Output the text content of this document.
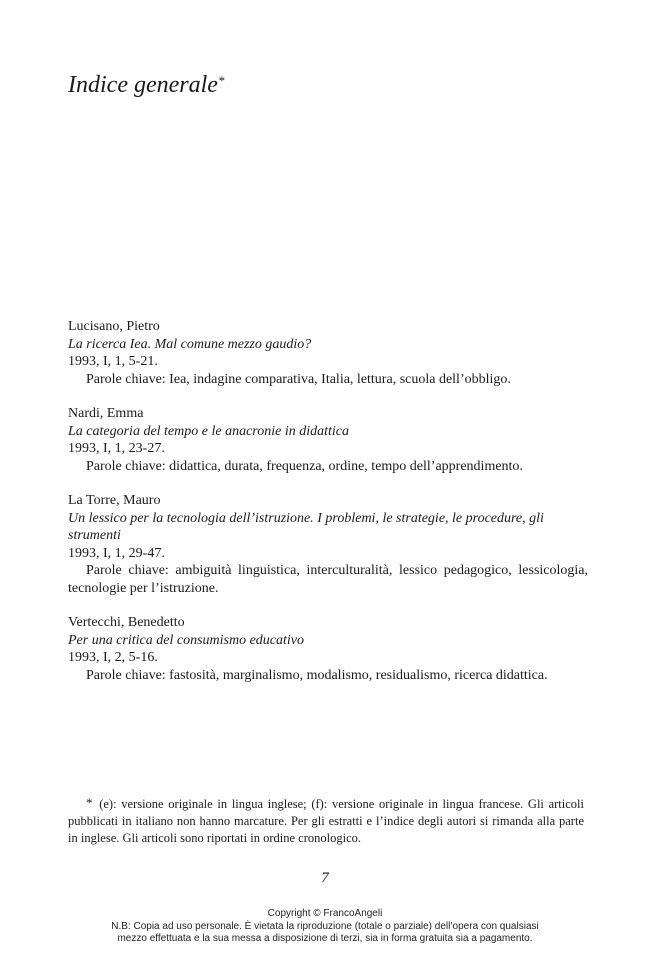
Indice generale*
Lucisano, Pietro
La ricerca Iea. Mal comune mezzo gaudio?
1993, I, 1, 5-21.
Parole chiave: Iea, indagine comparativa, Italia, lettura, scuola dell’obbligo.
Nardi, Emma
La categoria del tempo e le anacronie in didattica
1993, I, 1, 23-27.
Parole chiave: didattica, durata, frequenza, ordine, tempo dell’apprendimento.
La Torre, Mauro
Un lessico per la tecnologia dell’istruzione. I problemi, le strategie, le procedure, gli strumenti
1993, I, 1, 29-47.
Parole chiave: ambiguità linguistica, interculturalità, lessico pedagogico, lessicologia, tecnologie per l’istruzione.
Vertecchi, Benedetto
Per una critica del consumismo educativo
1993, I, 2, 5-16.
Parole chiave: fastosità, marginalismo, modalismo, residualismo, ricerca didattica.
* (e): versione originale in lingua inglese; (f): versione originale in lingua francese. Gli articoli pubblicati in italiano non hanno marcature. Per gli estratti e l’indice degli autori si rimanda alla parte in inglese. Gli articoli sono riportati in ordine cronologico.
7
Copyright © FrancoAngeli
N.B: Copia ad uso personale. È vietata la riproduzione (totale o parziale) dell’opera con qualsiasi
mezzo effettuata e la sua messa a disposizione di terzi, sia in forma gratuita sia a pagamento.
